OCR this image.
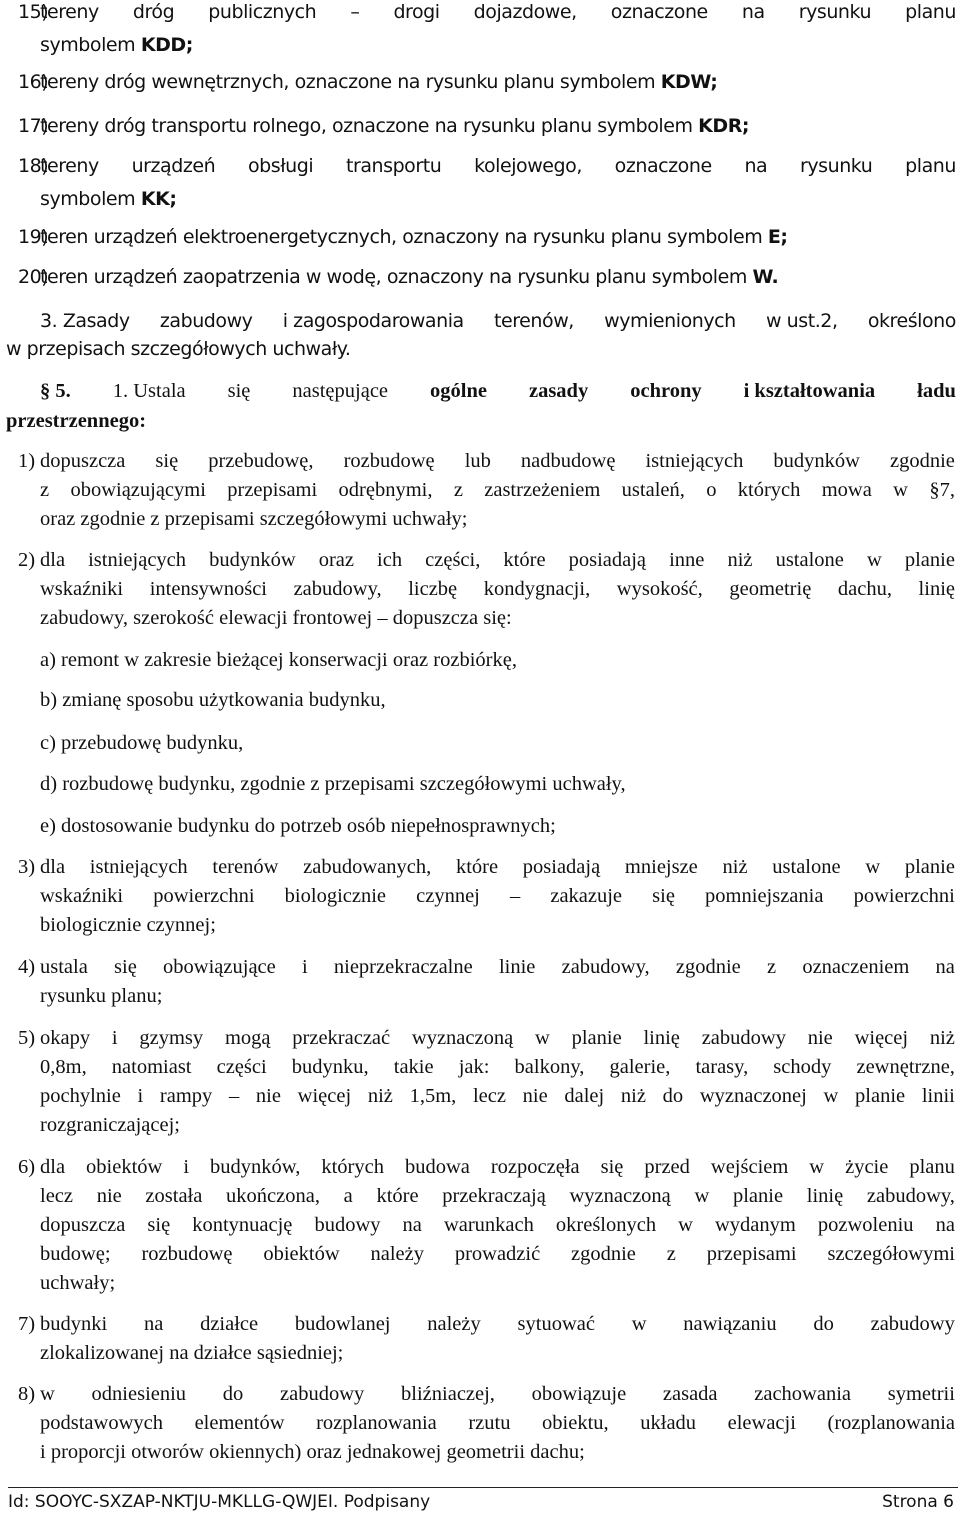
15)
tereny dróg publicznych – drogi dojazdowe, oznaczone na rysunku planu
symbolem KDD;
16)
tereny dróg wewnętrznych, oznaczone na rysunku planu symbolem KDW;
17)
tereny dróg transportu rolnego, oznaczone na rysunku planu symbolem KDR;
18)
tereny urządzeń obsługi transportu kolejowego, oznaczone na rysunku planu
symbolem KK;
19)
teren urządzeń elektroenergetycznych, oznaczony na rysunku planu symbolem E;
20)
teren urządzeń zaopatrzenia w wodę, oznaczony na rysunku planu symbolem W.
3. Zasady zabudowy i zagospodarowania terenów, wymienionych w ust.2, określono
w przepisach szczegółowych uchwały.
§ 5. 1. Ustala się następujące ogólne zasady ochrony i kształtowania ładu
przestrzennego:
1) dopuszcza się przebudowę, rozbudowę lub nadbudowę istniejących budynków zgodnie
z obowiązującymi przepisami odrębnymi, z zastrzeżeniem ustaleń, o których mowa w §7,
oraz zgodnie z przepisami szczegółowymi uchwały;
2) dla istniejących budynków oraz ich części, które posiadają inne niż ustalone w planie
wskaźniki intensywności zabudowy, liczbę kondygnacji, wysokość, geometrię dachu, linię
zabudowy, szerokość elewacji frontowej – dopuszcza się:
3) dla istniejących terenów zabudowanych, które posiadają mniejsze niż ustalone w planie
wskaźniki powierzchni biologicznie czynnej – zakazuje się pomniejszania powierzchni
biologicznie czynnej;
4) ustala się obowiązujące i nieprzekraczalne linie zabudowy, zgodnie z oznaczeniem na
rysunku planu;
5) okapy i gzymsy mogą przekraczać wyznaczoną w planie linię zabudowy nie więcej niż
0,8m, natomiast części budynku, takie jak: balkony, galerie, tarasy, schody zewnętrzne,
pochylnie i rampy – nie więcej niż 1,5m, lecz nie dalej niż do wyznaczonej w planie linii
rozgraniczającej;
6) dla obiektów i budynków, których budowa rozpoczęła się przed wejściem w życie planu
lecz nie została ukończona, a które przekraczają wyznaczoną w planie linię zabudowy,
dopuszcza się kontynuację budowy na warunkach określonych w wydanym pozwoleniu na
budowę; rozbudowę obiektów należy prowadzić zgodnie z przepisami szczegółowymi
uchwały;
7) budynki na działce budowlanej należy sytuować w nawiązaniu do zabudowy
zlokalizowanej na działce sąsiedniej;
8) w odniesieniu do zabudowy bliźniaczej, obowiązuje zasada zachowania symetrii
podstawowych elementów rozplanowania rzutu obiektu, układu elewacji (rozplanowania
i proporcji otworów okiennych) oraz jednakowej geometrii dachu;
a) remont w zakresie bieżącej konserwacji oraz rozbiórkę,
b) zmianę sposobu użytkowania budynku,
c) przebudowę budynku,
d) rozbudowę budynku, zgodnie z przepisami szczegółowymi uchwały,
e) dostosowanie budynku do potrzeb osób niepełnosprawnych;
Id: SOOYC-SXZAP-NKTJU-MKLLG-QWJEI. Podpisany	Strona 6
